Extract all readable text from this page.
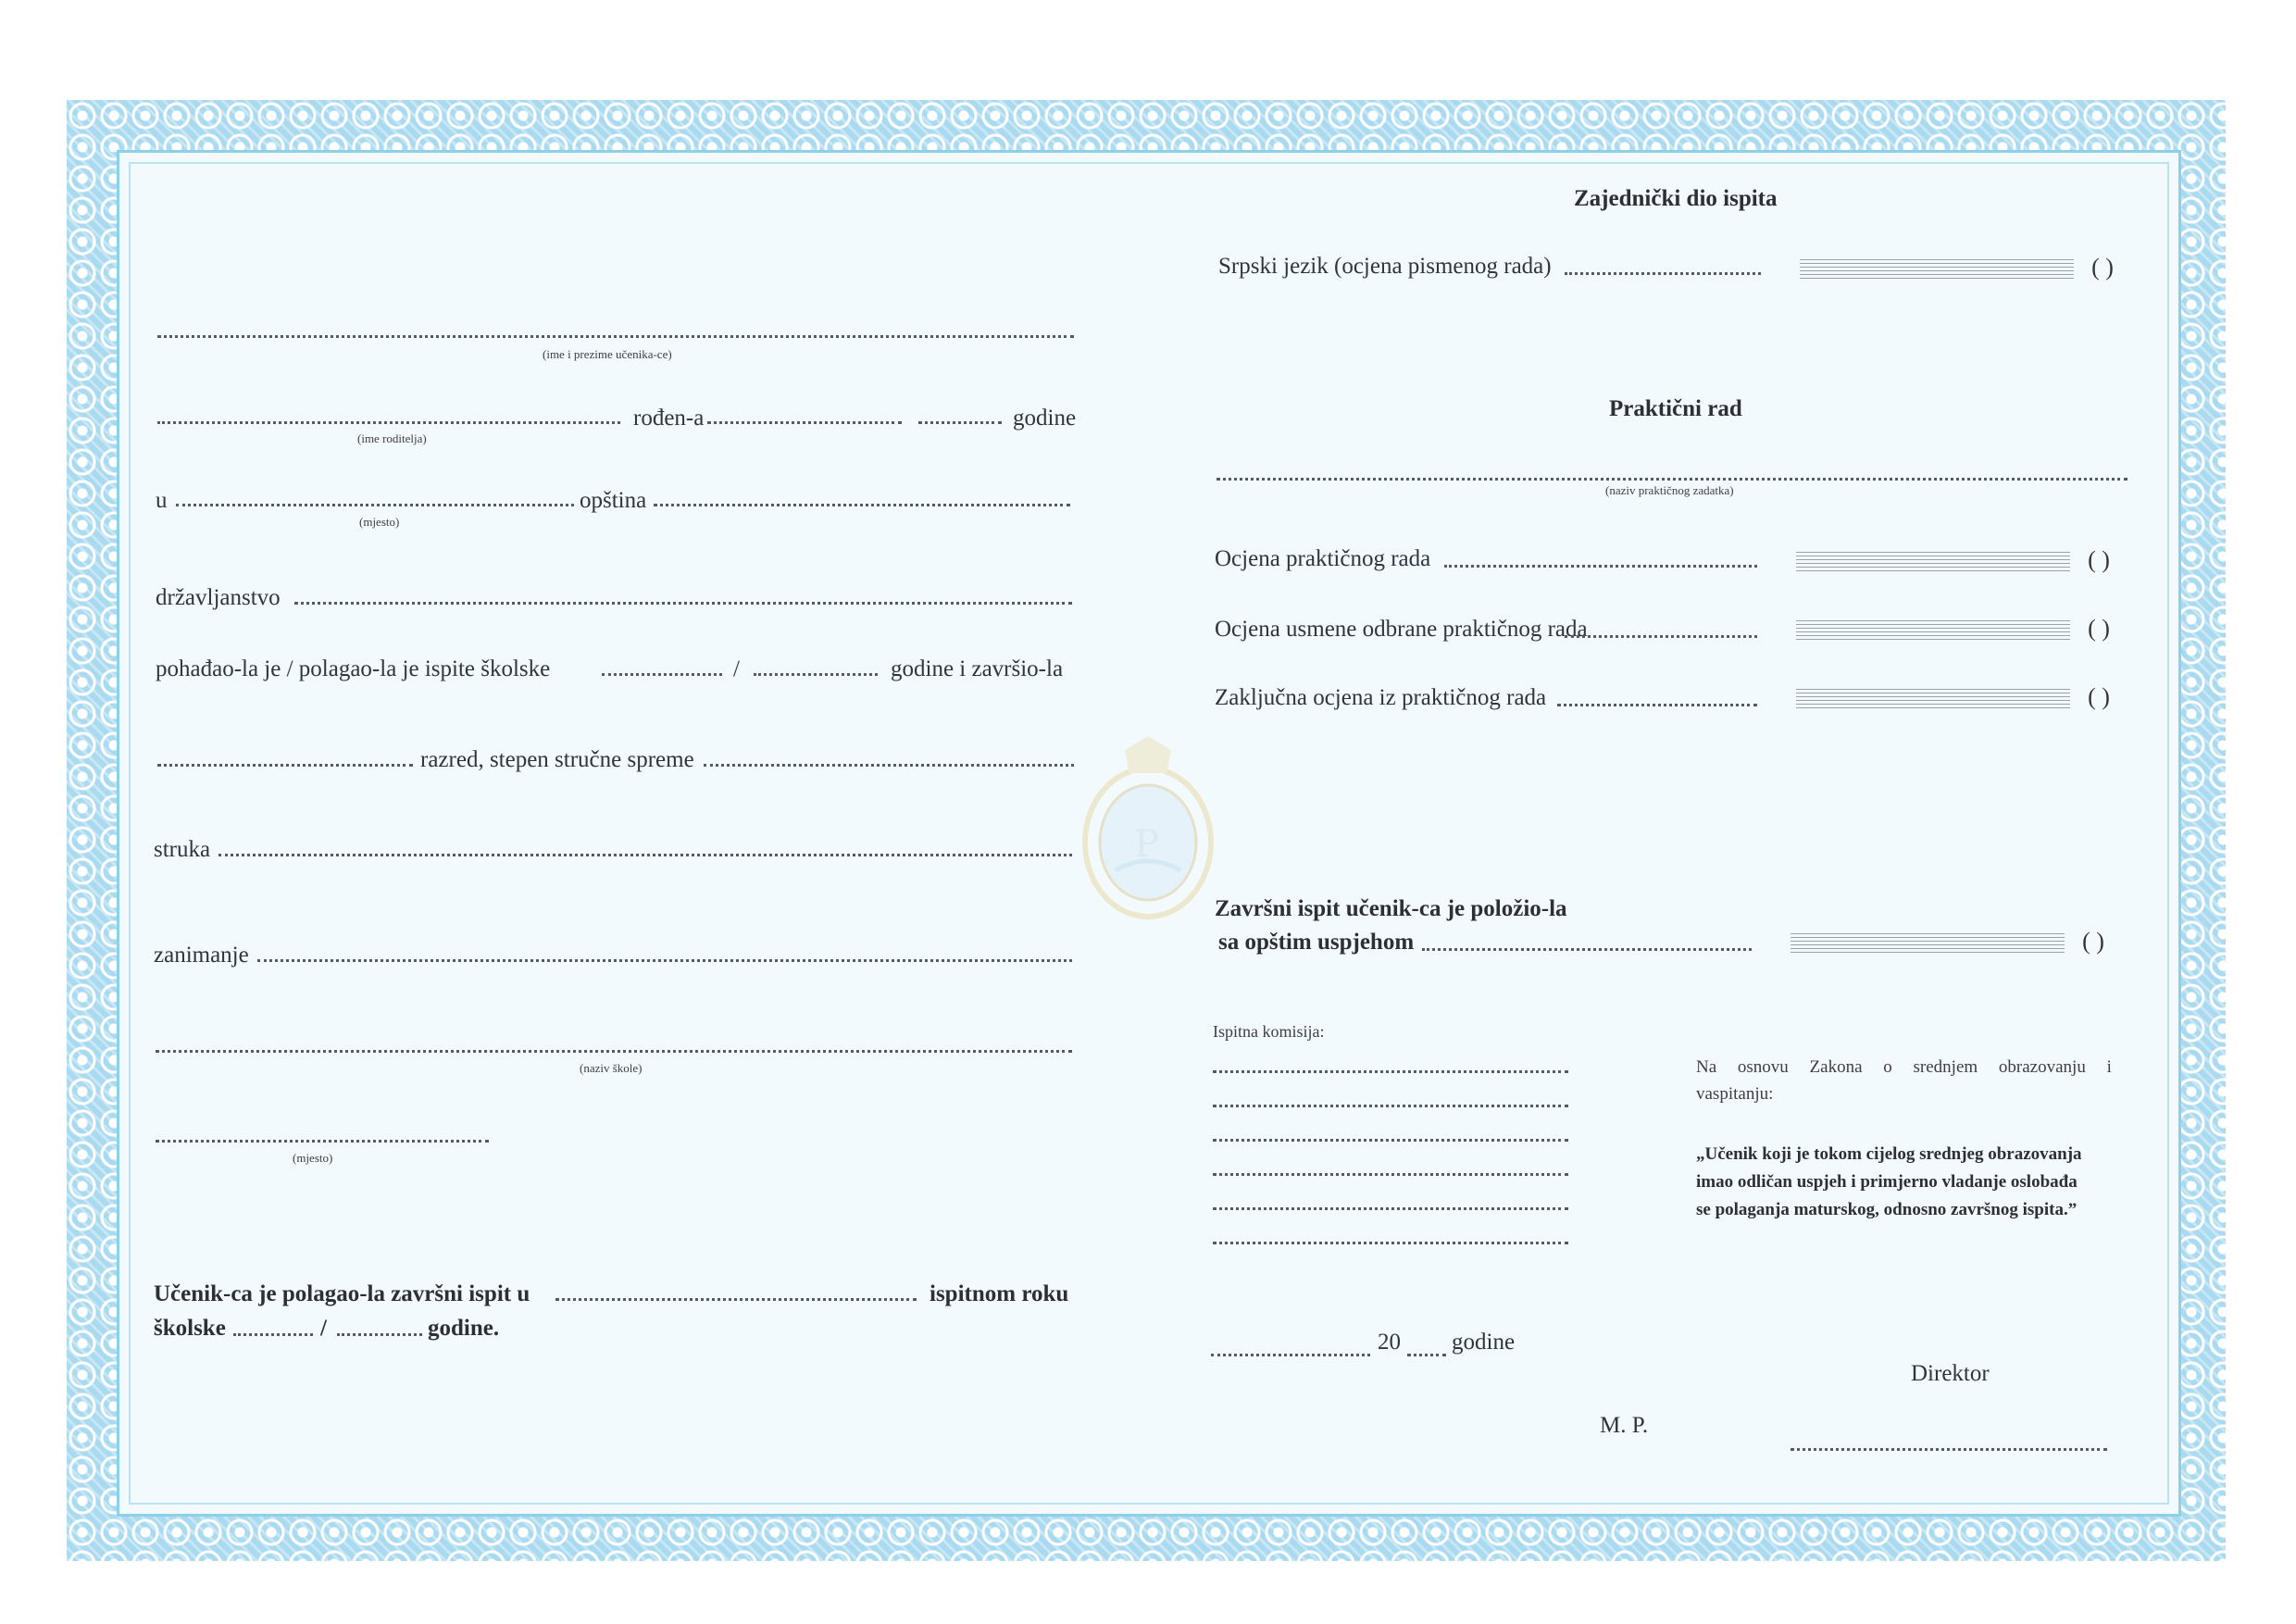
P
(ime i prezime učenika-ce)
(ime roditelja)
rođen-a	godine
u
(mjesto)
opština
državljanstvo
pohađao-la je / polagao-la je ispite školske	/	godine i završio-la
razred, stepen stručne spreme
struka
zanimanje
(naziv škole)
(mjesto)
Učenik-ca je polagao-la završni ispit u	ispitnom roku
školske	/	godine.
Zajednički dio ispita
Srpski jezik (ocjena pismenog rada)	( )
Praktični rad
(naziv praktičnog zadatka)
Ocjena praktičnog rada	( )
Ocjena usmene odbrane praktičnog rada	( )
Zaključna ocjena iz praktičnog rada	( )
Završni ispit učenik-ca je položio-la
sa opštim uspjehom	( )
Ispitna komisija:
Na osnovu Zakona o srednjem obrazovanju i
vaspitanju:
„Učenik koji je tokom cijelog srednjeg obrazovanja
imao odličan uspjeh i primjerno vladanje oslobađa
se polaganja maturskog, odnosno završnog ispita.”
20 godine
Direktor
M. P.
